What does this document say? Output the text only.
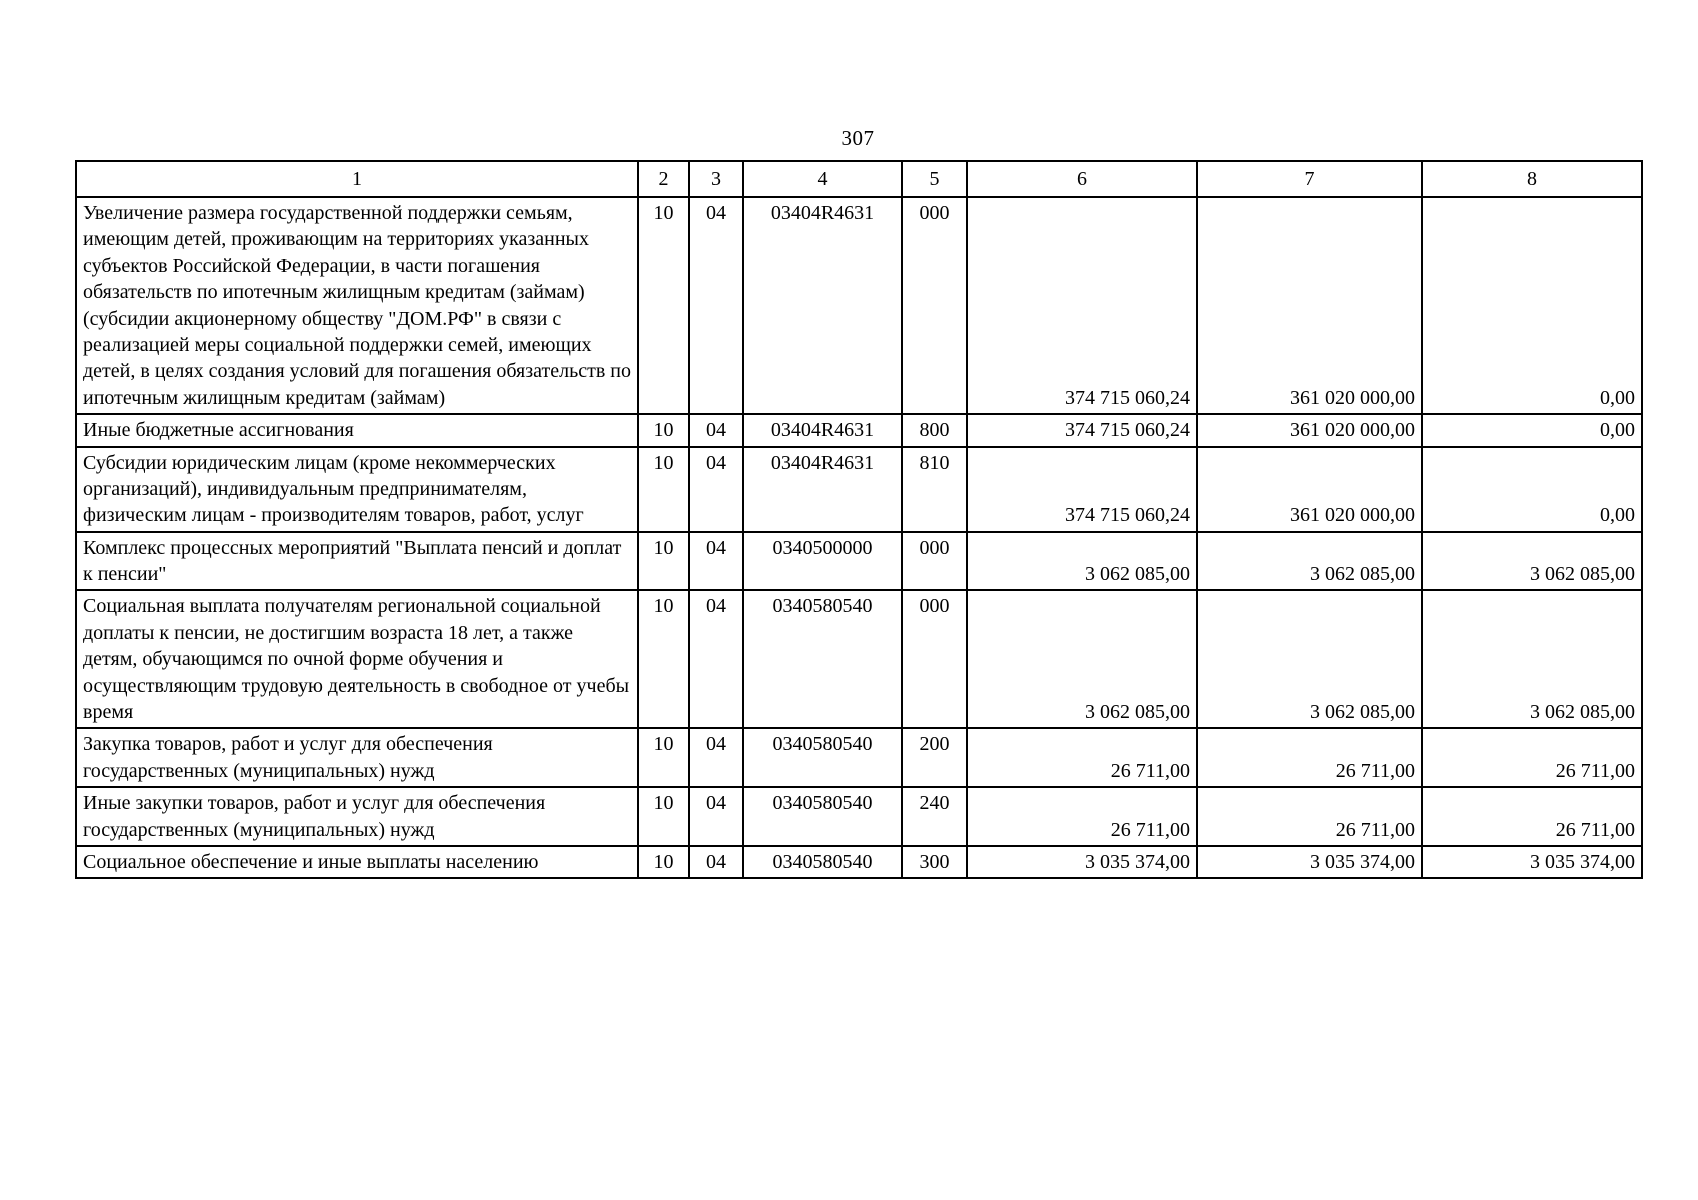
307
1	2	3	4	5	6	7	8
Увеличение размера государственной поддержки семьям, имеющим детей, проживающим на территориях указанных субъектов Российской Федерации, в части погашения обязательств по ипотечным жилищным кредитам (займам) (субсидии акционерному обществу "ДОМ.РФ" в связи с реализацией меры социальной поддержки семей, имеющих детей, в целях создания условий для погашения обязательств по ипотечным жилищным кредитам (займам)	10	04	03404R4631	000	374 715 060,24	361 020 000,00	0,00
Иные бюджетные ассигнования	10	04	03404R4631	800	374 715 060,24	361 020 000,00	0,00
Субсидии юридическим лицам (кроме некоммерческих организаций), индивидуальным предпринимателям, физическим лицам - производителям товаров, работ, услуг	10	04	03404R4631	810	374 715 060,24	361 020 000,00	0,00
Комплекс процессных мероприятий "Выплата пенсий и доплат к пенсии"	10	04	0340500000	000	3 062 085,00	3 062 085,00	3 062 085,00
Социальная выплата получателям региональной социальной доплаты к пенсии, не достигшим возраста 18 лет, а также детям, обучающимся по очной форме обучения и осуществляющим трудовую деятельность в свободное от учебы время	10	04	0340580540	000	3 062 085,00	3 062 085,00	3 062 085,00
Закупка товаров, работ и услуг для обеспечения государственных (муниципальных) нужд	10	04	0340580540	200	26 711,00	26 711,00	26 711,00
Иные закупки товаров, работ и услуг для обеспечения государственных (муниципальных) нужд	10	04	0340580540	240	26 711,00	26 711,00	26 711,00
Социальное обеспечение и иные выплаты населению	10	04	0340580540	300	3 035 374,00	3 035 374,00	3 035 374,00
